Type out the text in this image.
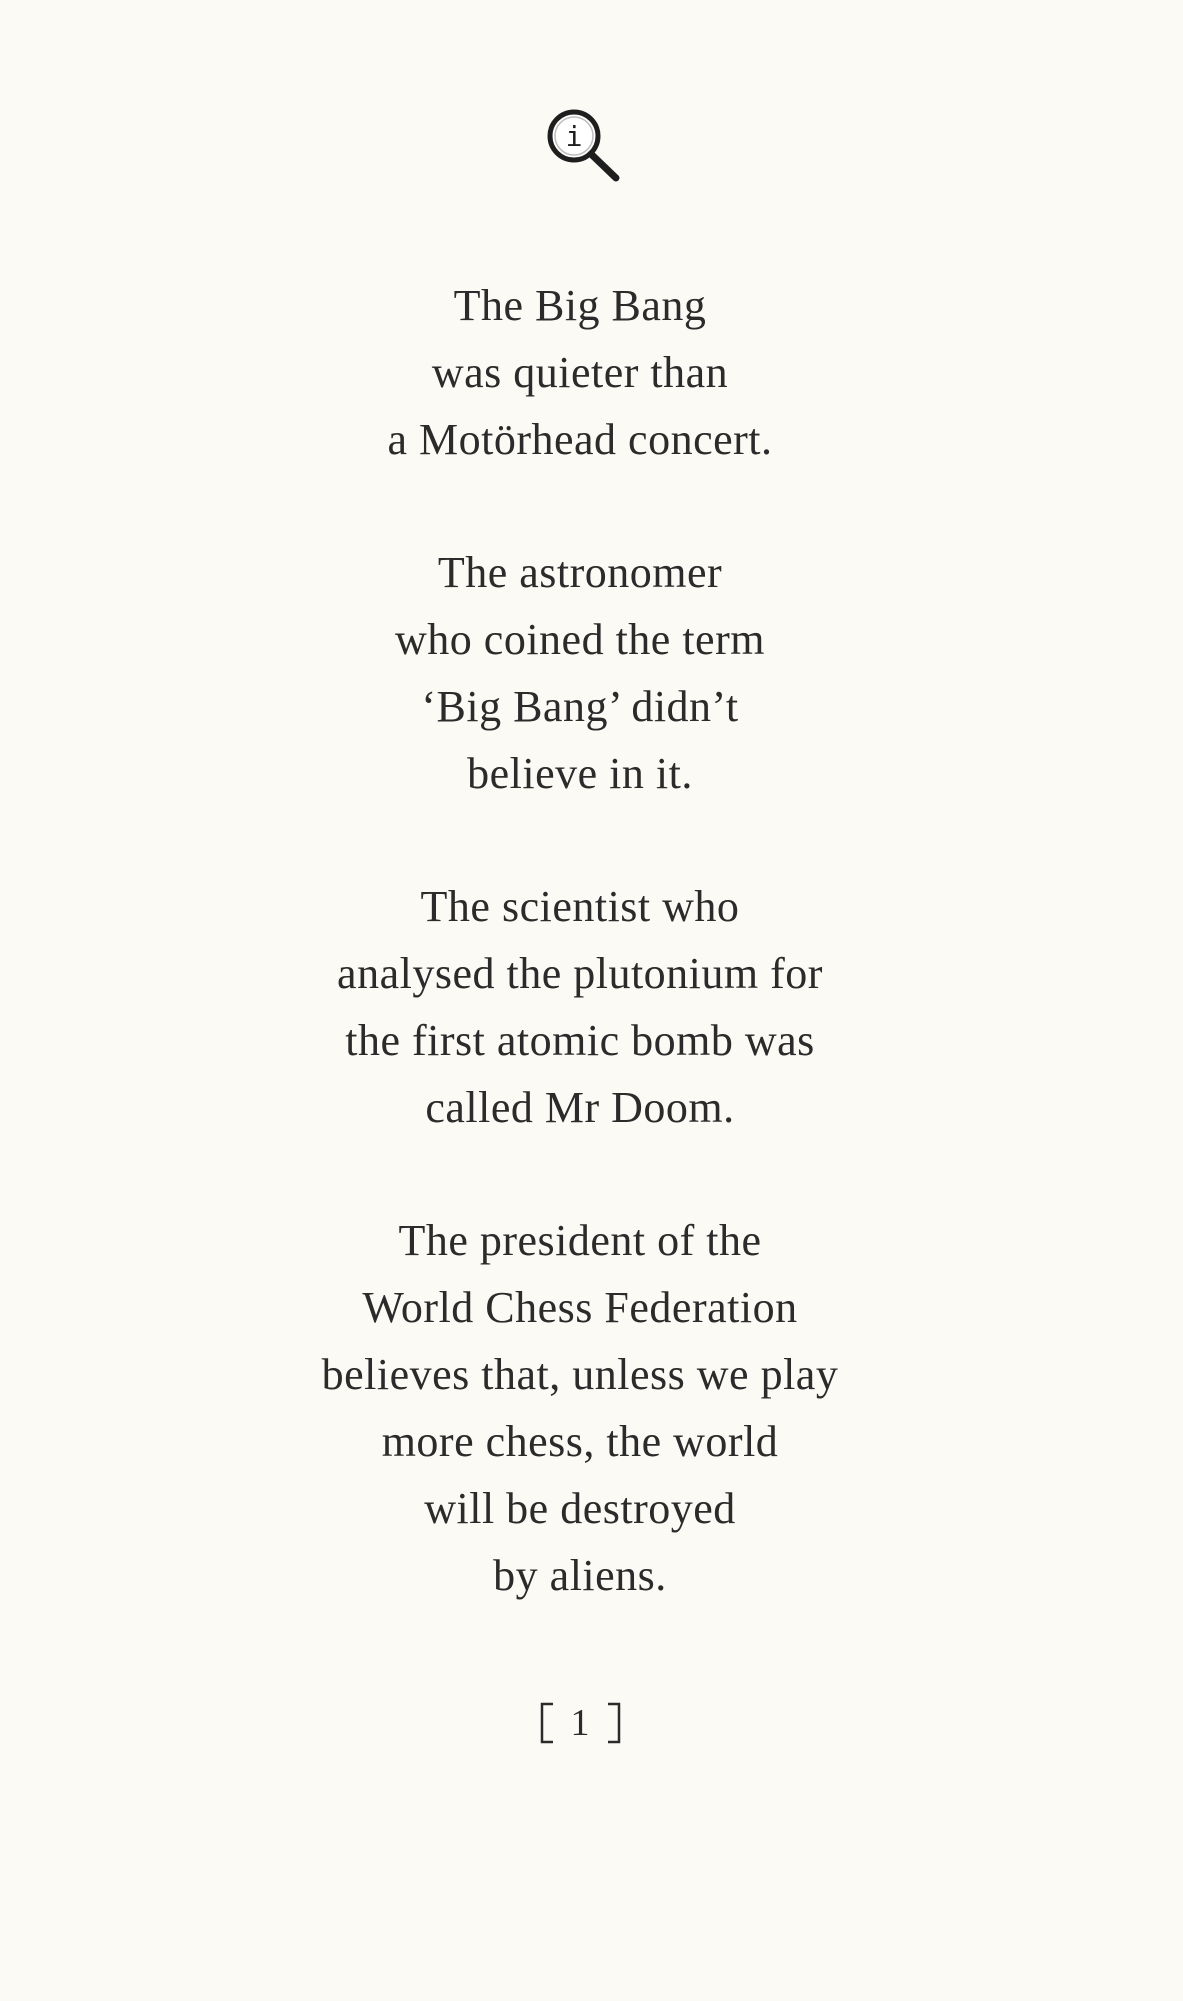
i
The Big Bang
was quieter than
a Motörhead concert.
The astronomer
who coined the term
‘Big Bang’ didn’t
believe in it.
The scientist who
analysed the plutonium for
the first atomic bomb was
called Mr Doom.
The president of the
World Chess Federation
believes that, unless we play
more chess, the world
will be destroyed
by aliens.
1
